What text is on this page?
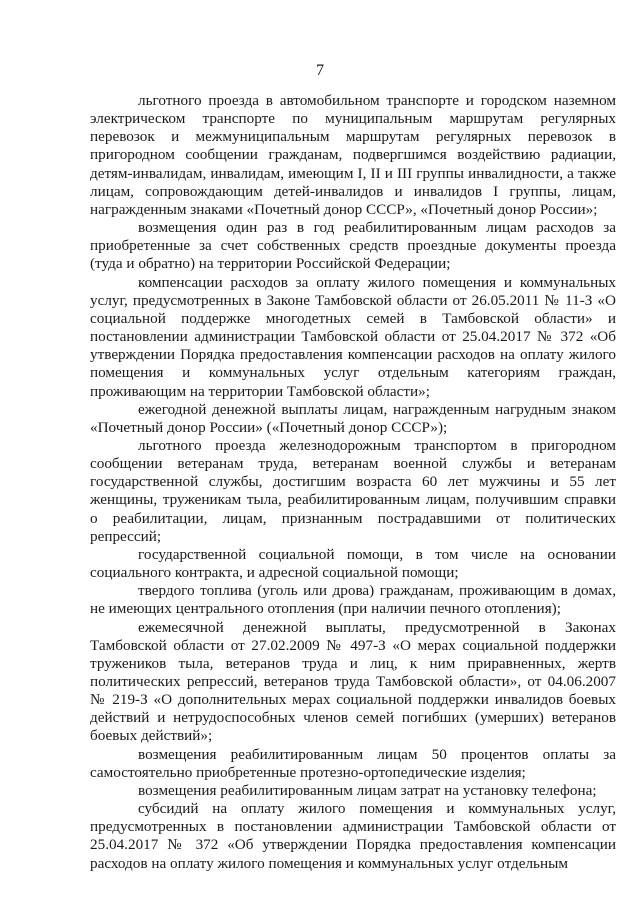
7

льготного проезда в автомобильном транспорте и городском наземном электрическом транспорте по муниципальным маршрутам регулярных перевозок и межмуниципальным маршрутам регулярных перевозок в пригородном сообщении гражданам, подвергшимся воздействию радиации, детям-инвалидам, инвалидам, имеющим I, II и III группы инвалидности, а также лицам, сопровождающим детей-инвалидов и инвалидов I группы, лицам, награжденным знаками «Почетный донор СССР», «Почетный донор России»;

возмещения один раз в год реабилитированным лицам расходов за приобретенные за счет собственных средств проездные документы проезда (туда и обратно) на территории Российской Федерации;

компенсации расходов за оплату жилого помещения и коммунальных услуг, предусмотренных в Законе Тамбовской области от 26.05.2011 № 11-З «О социальной поддержке многодетных семей в Тамбовской области» и постановлении администрации Тамбовской области от 25.04.2017 № 372 «Об утверждении Порядка предоставления компенсации расходов на оплату жилого помещения и коммунальных услуг отдельным категориям граждан, проживающим на территории Тамбовской области»;

ежегодной денежной выплаты лицам, награжденным нагрудным знаком «Почетный донор России» («Почетный донор СССР»);

льготного проезда железнодорожным транспортом в пригородном сообщении ветеранам труда, ветеранам военной службы и ветеранам государственной службы, достигшим возраста 60 лет мужчины и 55 лет женщины, труженикам тыла, реабилитированным лицам, получившим справки о реабилитации, лицам, признанным пострадавшими от политических репрессий;

государственной социальной помощи, в том числе на основании социального контракта, и адресной социальной помощи;

твердого топлива (уголь или дрова) гражданам, проживающим в домах, не имеющих центрального отопления (при наличии печного отопления);

ежемесячной денежной выплаты, предусмотренной в Законах Тамбовской области от 27.02.2009 № 497-З «О мерах социальной поддержки тружеников тыла, ветеранов труда и лиц, к ним приравненных, жертв политических репрессий, ветеранов труда Тамбовской области», от 04.06.2007 № 219-З «О дополнительных мерах социальной поддержки инвалидов боевых действий и нетрудоспособных членов семей погибших (умерших) ветеранов боевых действий»;

возмещения реабилитированным лицам 50 процентов оплаты за самостоятельно приобретенные протезно-ортопедические изделия;

возмещения реабилитированным лицам затрат на установку телефона;

субсидий на оплату жилого помещения и коммунальных услуг, предусмотренных в постановлении администрации Тамбовской области от 25.04.2017 № 372 «Об утверждении Порядка предоставления компенсации расходов на оплату жилого помещения и коммунальных услуг отдельным
